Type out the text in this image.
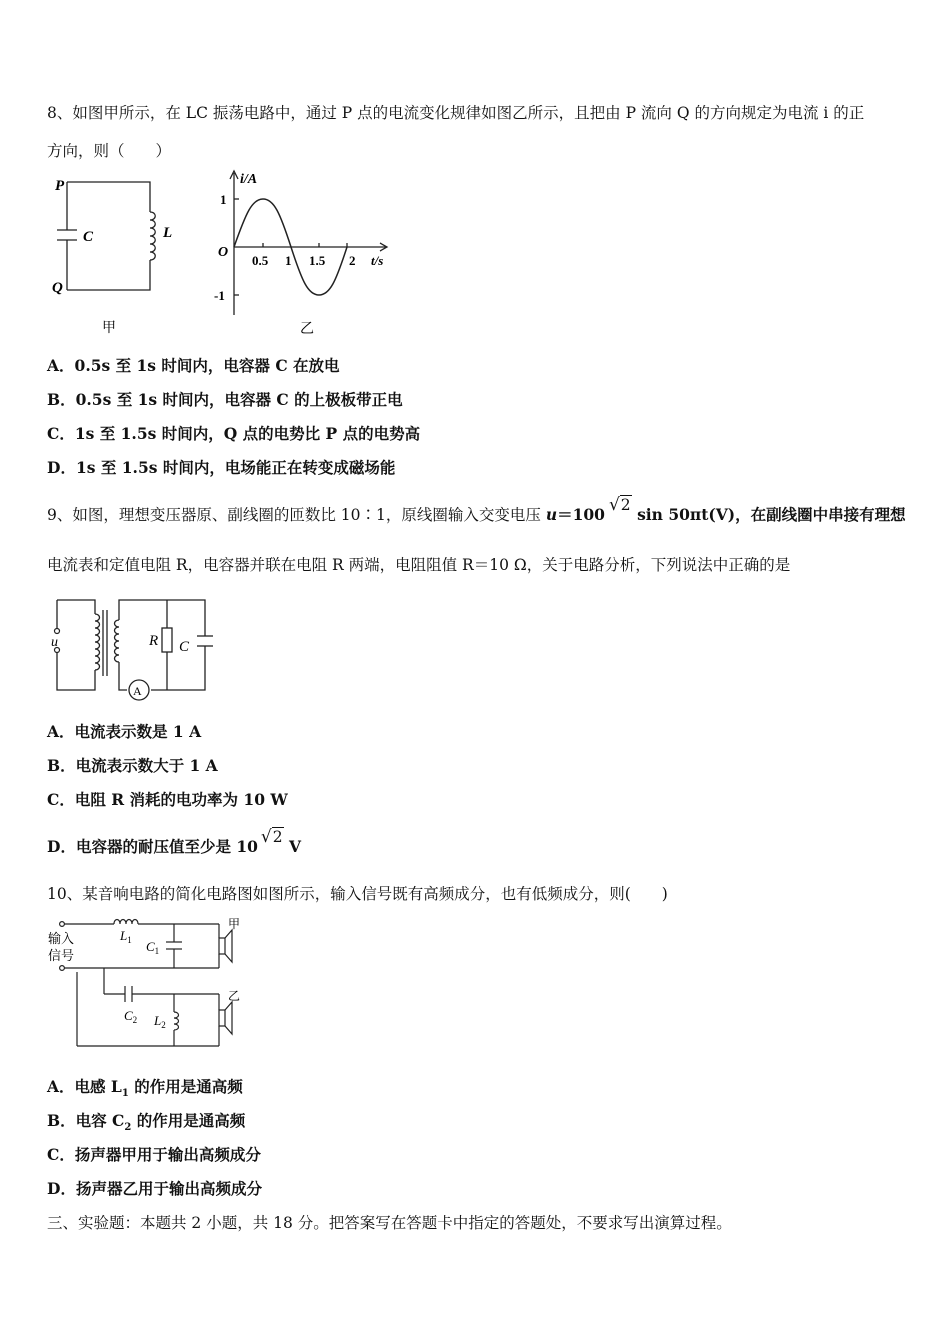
8、如图甲所示，在 LC 振荡电路中，通过 P 点的电流变化规律如图乙所示，且把由 P 流向 Q 的方向规定为电流 i 的正
方向，则（　　）
P
Q
C	L
甲
i/A
1
-1
O
0.5 1 1.5 2 t/s
乙
A．0.5s 至 1s 时间内，电容器 C 在放电
B．0.5s 至 1s 时间内，电容器 C 的上极板带正电
C．1s 至 1.5s 时间内，Q 点的电势比 P 点的电势高
D．1s 至 1.5s 时间内，电场能正在转变成磁场能
9、如图，理想变压器原、副线圈的匝数比 10∶1，原线圈输入交变电压 u＝100 √2 sin 50πt(V)，在副线圈中串接有理想
电流表和定值电阻 R，电容器并联在电阻 R 两端，电阻阻值 R＝10 Ω，关于电路分析，下列说法中正确的是
u	R C
A
A．电流表示数是 1 A
B．电流表示数大于 1 A
C．电阻 R 消耗的电功率为 10 W
D．电容器的耐压值至少是 10 √2 V
10、某音响电路的简化电路图如图所示，输入信号既有高频成分，也有低频成分，则(　　)
输入
信号
$L_1$ $C_1$
$C_2$ $L_2$
甲
乙
A．电感 $L_1$ 的作用是通高频
B．电容 $C_2$ 的作用是通高频
C．扬声器甲用于输出高频成分
D．扬声器乙用于输出高频成分
三、实验题：本题共 2 小题，共 18 分。把答案写在答题卡中指定的答题处，不要求写出演算过程。
